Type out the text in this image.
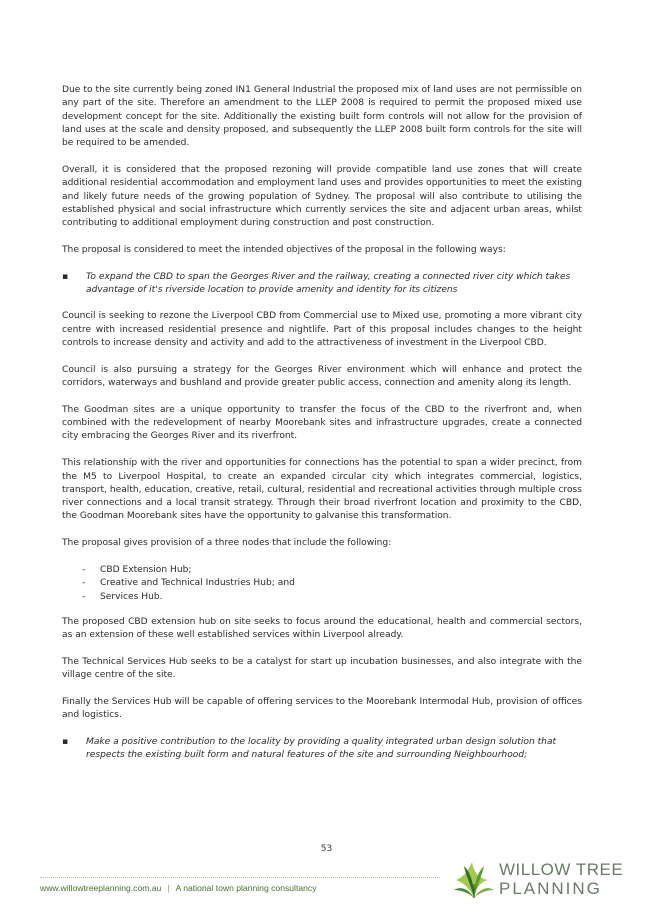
Due to the site currently being zoned IN1 General Industrial the proposed mix of land uses are not permissible on any part of the site. Therefore an amendment to the LLEP 2008 is required to permit the proposed mixed use development concept for the site. Additionally the existing built form controls will not allow for the provision of land uses at the scale and density proposed, and subsequently the LLEP 2008 built form controls for the site will be required to be amended.

Overall, it is considered that the proposed rezoning will provide compatible land use zones that will create additional residential accommodation and employment land uses and provides opportunities to meet the existing and likely future needs of the growing population of Sydney. The proposal will also contribute to utilising the established physical and social infrastructure which currently services the site and adjacent urban areas, whilst contributing to additional employment during construction and post construction.

The proposal is considered to meet the intended objectives of the proposal in the following ways:

▪ To expand the CBD to span the Georges River and the railway, creating a connected river city which takes advantage of it's riverside location to provide amenity and identity for its citizens

Council is seeking to rezone the Liverpool CBD from Commercial use to Mixed use, promoting a more vibrant city centre with increased residential presence and nightlife. Part of this proposal includes changes to the height controls to increase density and activity and add to the attractiveness of investment in the Liverpool CBD.

Council is also pursuing a strategy for the Georges River environment which will enhance and protect the corridors, waterways and bushland and provide greater public access, connection and amenity along its length.

The Goodman sites are a unique opportunity to transfer the focus of the CBD to the riverfront and, when combined with the redevelopment of nearby Moorebank sites and infrastructure upgrades, create a connected city embracing the Georges River and its riverfront.

This relationship with the river and opportunities for connections has the potential to span a wider precinct, from the M5 to Liverpool Hospital, to create an expanded circular city which integrates commercial, logistics, transport, health, education, creative, retail, cultural, residential and recreational activities through multiple cross river connections and a local transit strategy. Through their broad riverfront location and proximity to the CBD, the Goodman Moorebank sites have the opportunity to galvanise this transformation.

The proposal gives provision of a three nodes that include the following:

- CBD Extension Hub;
- Creative and Technical Industries Hub; and
- Services Hub.

The proposed CBD extension hub on site seeks to focus around the educational, health and commercial sectors, as an extension of these well established services within Liverpool already.

The Technical Services Hub seeks to be a catalyst for start up incubation businesses, and also integrate with the village centre of the site.

Finally the Services Hub will be capable of offering services to the Moorebank Intermodal Hub, provision of offices and logistics.

▪ Make a positive contribution to the locality by providing a quality integrated urban design solution that respects the existing built form and natural features of the site and surrounding Neighbourhood;
53
www.willowtreeplanning.com.au | A national town planning consultancy
WILLOW TREE
PLANNING
